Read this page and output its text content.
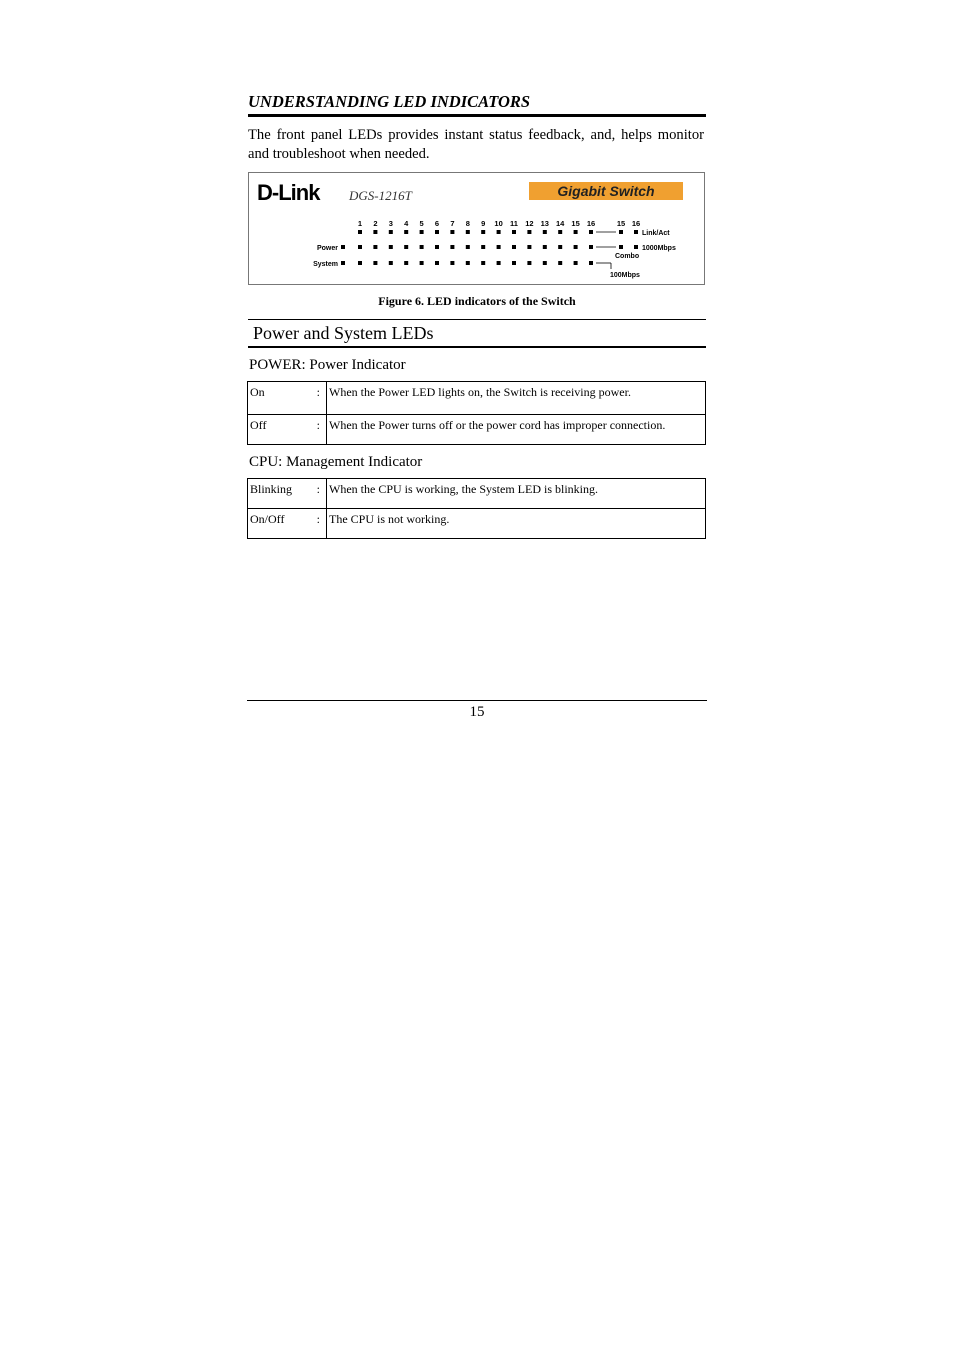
UNDERSTANDING LED INDICATORS
The front panel LEDs provides instant status feedback, and, helps monitor and troubleshoot when needed.
D-Link DGS-1216T	Gigabit Switch
1 2 3 4 5 6 7 8 9 10 11 12 13 14 15 16	15 16
Power
System
Link/Act
1000Mbps
Combo
100Mbps
Figure 6. LED indicators of the Switch
Power and System LEDs
POWER: Power Indicator
On :	When the Power LED lights on, the Switch is receiving power.
Off :	When the Power turns off or the power cord has improper connection.
CPU: Management Indicator
Blinking :	When the CPU is working, the System LED is blinking.
On/Off :	The CPU is not working.
15
